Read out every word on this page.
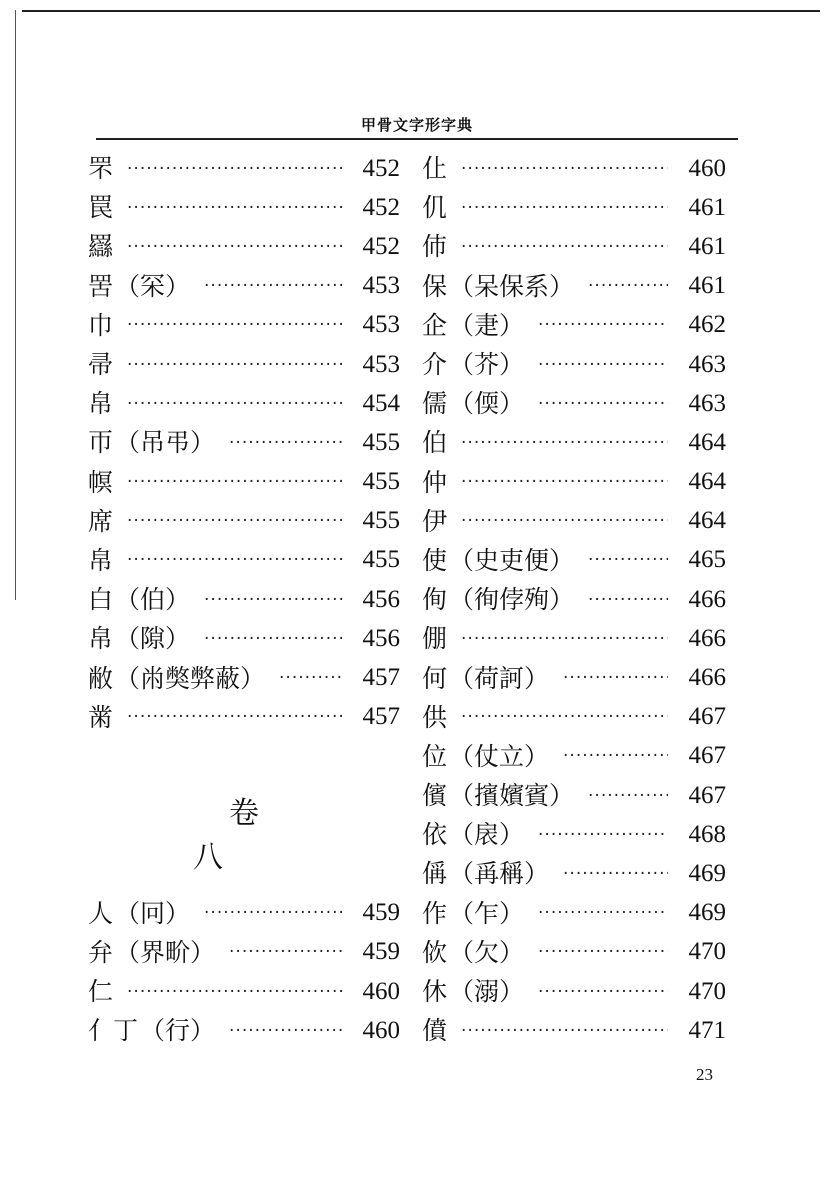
甲骨文字形字典
罘 ·····	452
罠 ·····	452
羉 ·····	452
罟 （罙） ·····	453
巾 ·····	453
帚 ·····	453
帛 ·····	454
帀 （吊弔） ·····	455
幎 ·····	455
席 ·····	455
帛 ·····	455
白 （伯） ·····	456
帛 （隙） ·····	456
敝 （㡀獘弊蔽） ·····	457
黹 ·····	457
人 （冋） ·····	459
弁 （界畍） ·····	459
仁 ·····	460
亻丁 （行） ·····	460
卷　八
仩 ·····	460
仉 ·····	461
伂 ·····	461
保 （呆保系） ·····	461
企 （疌） ·····	462
介 （芥） ·····	463
儒 （偄） ·····	463
伯 ·····	464
仲 ·····	464
伊 ·····	464
使 （史吏便） ·····	465
侚 （徇侼殉） ·····	466
倗 ·····	466
何 （荷訶） ·····	466
供 ·····	467
位 （仗立） ·····	467
儐 （擯嬪賓） ·····	467
依 （扆） ·····	468
偁 （爯稱） ·····	469
作 （乍） ·····	469
佽 （欠） ·····	470
休 （溺） ·····	470
僨 ·····	471
23
